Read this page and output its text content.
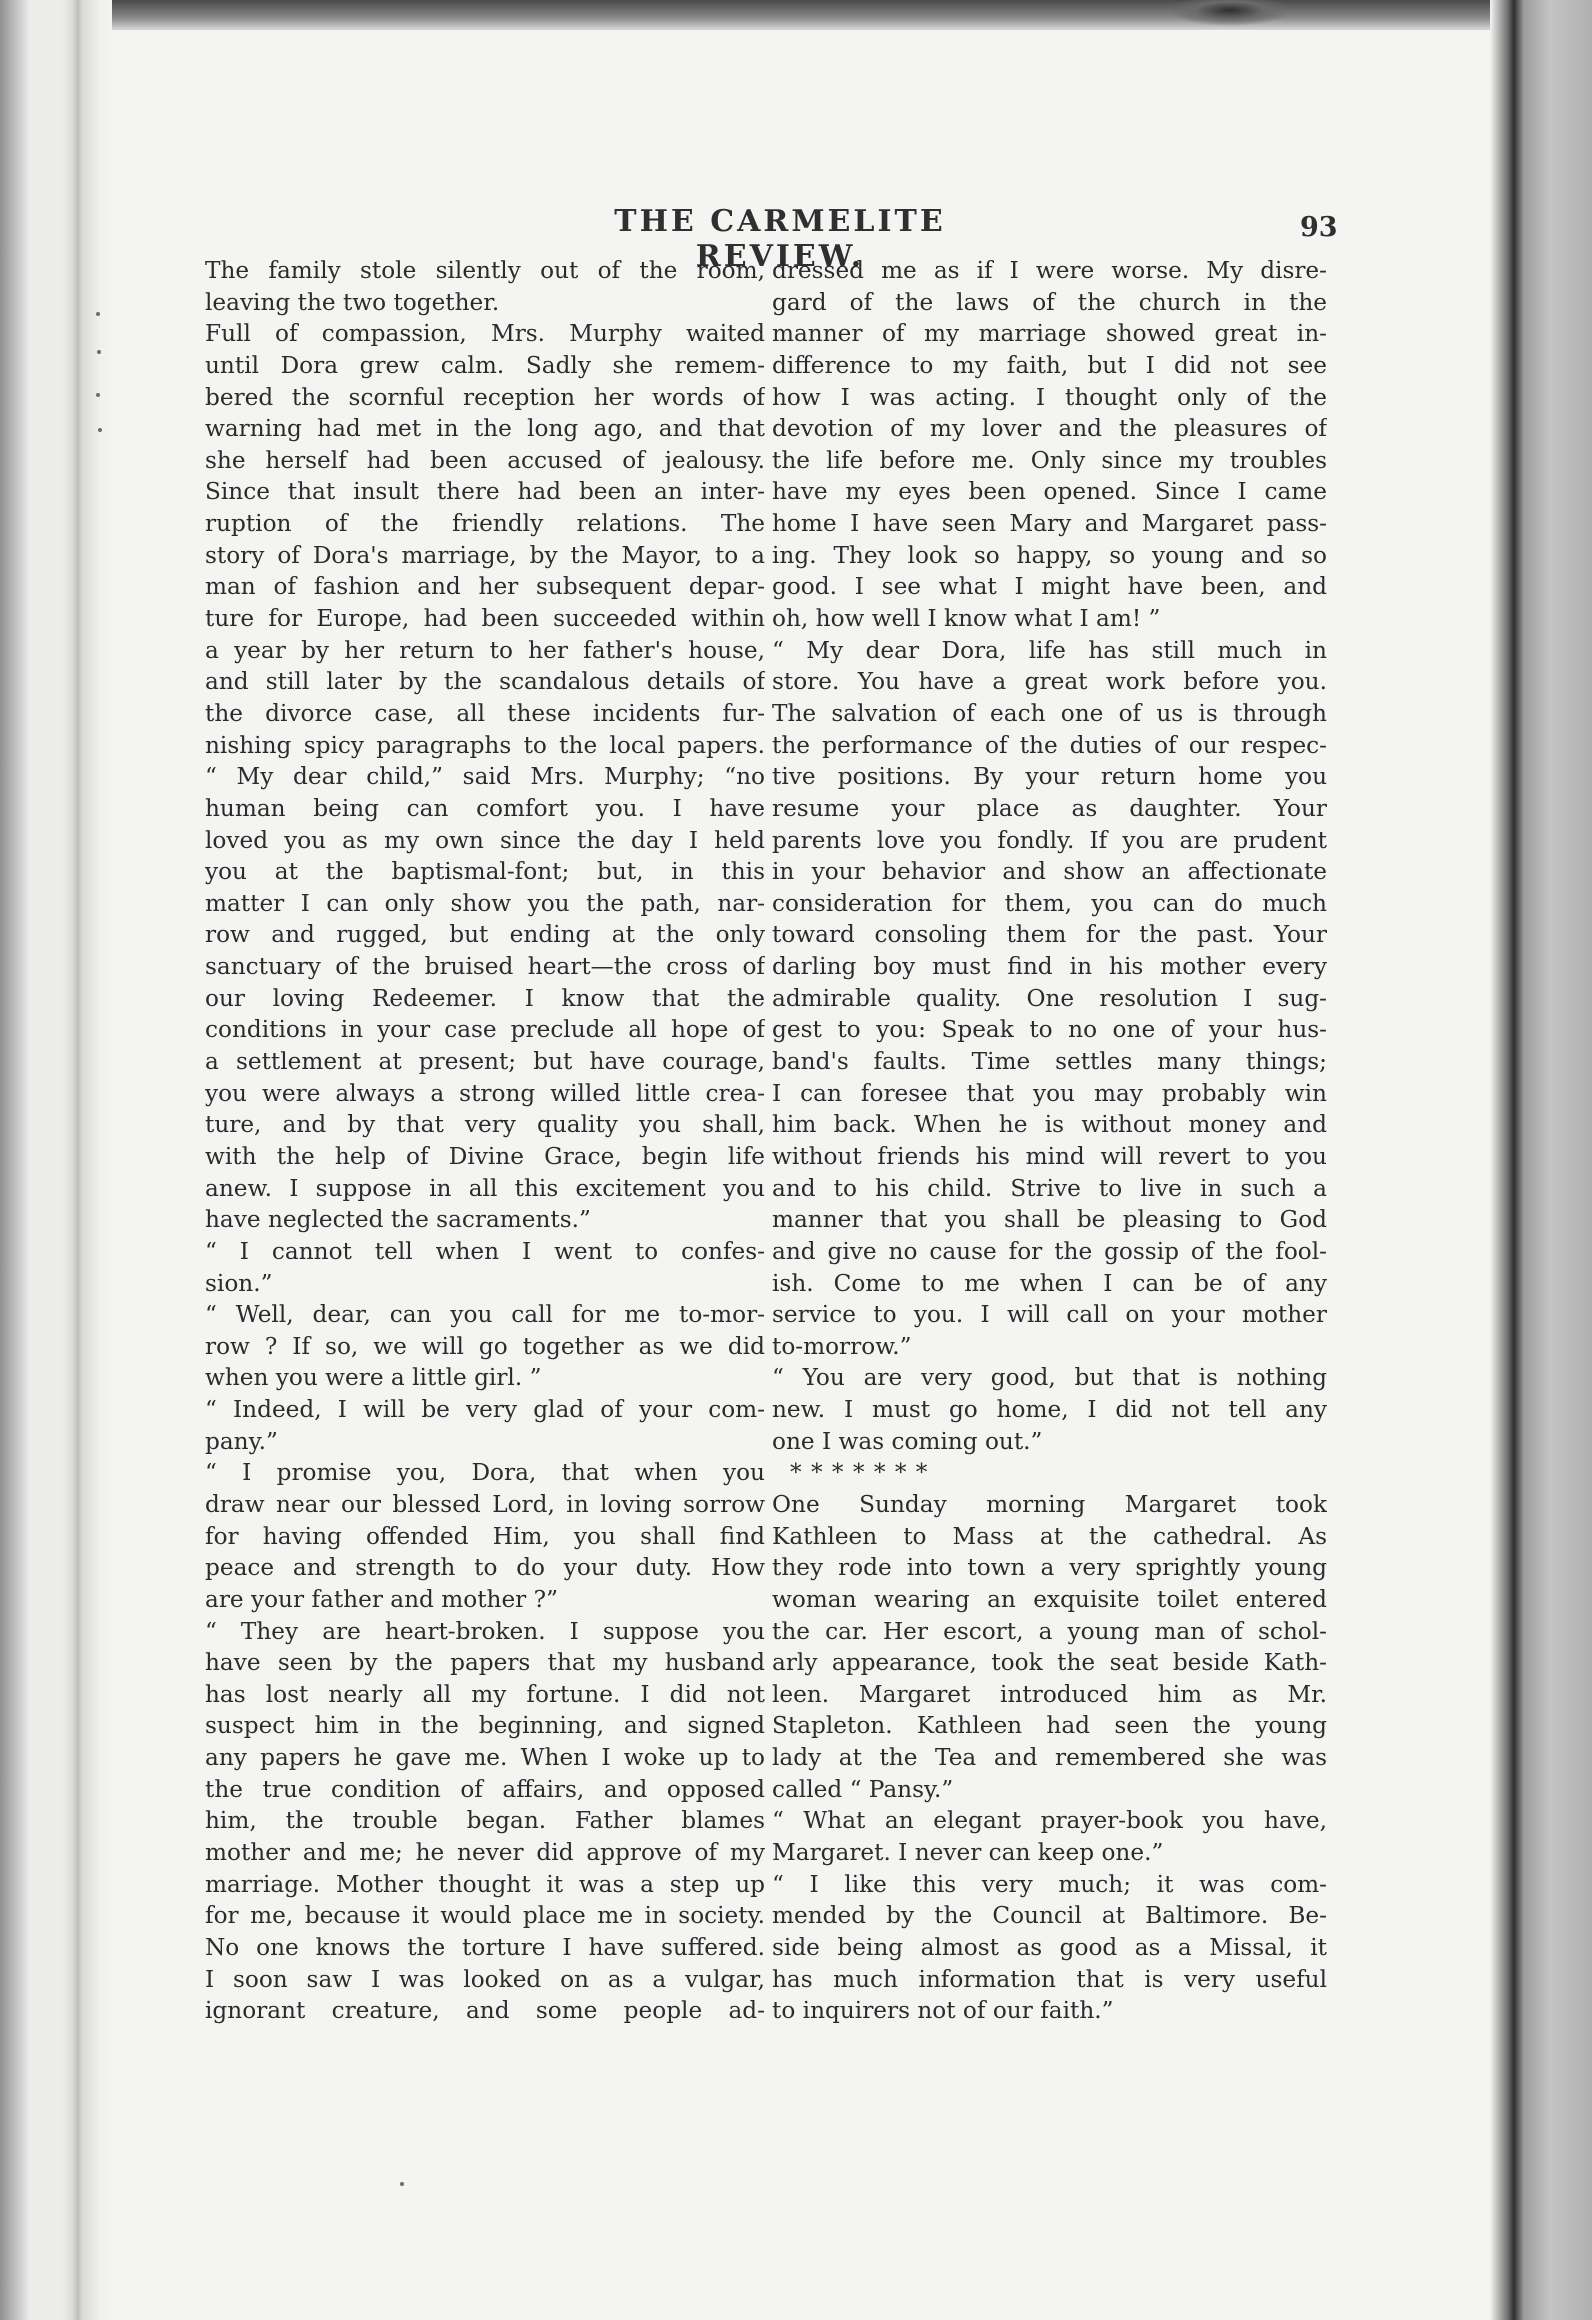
THE CARMELITE REVIEW.
93
The family stole silently out of the room,
leaving the two together.
Full of compassion, Mrs. Murphy waited
until Dora grew calm. Sadly she remem-
bered the scornful reception her words of
warning had met in the long ago, and that
she herself had been accused of jealousy.
Since that insult there had been an inter-
ruption of the friendly relations. The
story of Dora's marriage, by the Mayor, to a
man of fashion and her subsequent depar-
ture for Europe, had been succeeded within
a year by her return to her father's house,
and still later by the scandalous details of
the divorce case, all these incidents fur-
nishing spicy paragraphs to the local papers.
“ My dear child,” said Mrs. Murphy; “no
human being can comfort you. I have
loved you as my own since the day I held
you at the baptismal-font; but, in this
matter I can only show you the path, nar-
row and rugged, but ending at the only
sanctuary of the bruised heart—the cross of
our loving Redeemer. I know that the
conditions in your case preclude all hope of
a settlement at present; but have courage,
you were always a strong willed little crea-
ture, and by that very quality you shall,
with the help of Divine Grace, begin life
anew. I suppose in all this excitement you
have neglected the sacraments.”
“ I cannot tell when I went to confes-
sion.”
“ Well, dear, can you call for me to-mor-
row ? If so, we will go together as we did
when you were a little girl. ”
“ Indeed, I will be very glad of your com-
pany.”
“ I promise you, Dora, that when you
draw near our blessed Lord, in loving sorrow
for having offended Him, you shall find
peace and strength to do your duty. How
are your father and mother ?”
“ They are heart-broken. I suppose you
have seen by the papers that my husband
has lost nearly all my fortune. I did not
suspect him in the beginning, and signed
any papers he gave me. When I woke up to
the true condition of affairs, and opposed
him, the trouble began. Father blames
mother and me; he never did approve of my
marriage. Mother thought it was a step up
for me, because it would place me in society.
No one knows the torture I have suffered.
I soon saw I was looked on as a vulgar,
ignorant creature, and some people ad-
dressed me as if I were worse. My disre-
gard of the laws of the church in the
manner of my marriage showed great in-
difference to my faith, but I did not see
how I was acting. I thought only of the
devotion of my lover and the pleasures of
the life before me. Only since my troubles
have my eyes been opened. Since I came
home I have seen Mary and Margaret pass-
ing. They look so happy, so young and so
good. I see what I might have been, and
oh, how well I know what I am! ”
“ My dear Dora, life has still much in
store. You have a great work before you.
The salvation of each one of us is through
the performance of the duties of our respec-
tive positions. By your return home you
resume your place as daughter. Your
parents love you fondly. If you are prudent
in your behavior and show an affectionate
consideration for them, you can do much
toward consoling them for the past. Your
darling boy must find in his mother every
admirable quality. One resolution I sug-
gest to you: Speak to no one of your hus-
band's faults. Time settles many things;
I can foresee that you may probably win
him back. When he is without money and
without friends his mind will revert to you
and to his child. Strive to live in such a
manner that you shall be pleasing to God
and give no cause for the gossip of the fool-
ish. Come to me when I can be of any
service to you. I will call on your mother
to-morrow.”
“ You are very good, but that is nothing
new. I must go home, I did not tell any
one I was coming out.”
* * * * * * *
One Sunday morning Margaret took
Kathleen to Mass at the cathedral. As
they rode into town a very sprightly young
woman wearing an exquisite toilet entered
the car. Her escort, a young man of schol-
arly appearance, took the seat beside Kath-
leen. Margaret introduced him as Mr.
Stapleton. Kathleen had seen the young
lady at the Tea and remembered she was
called “ Pansy.”
“ What an elegant prayer-book you have,
Margaret. I never can keep one.”
“ I like this very much; it was com-
mended by the Council at Baltimore. Be-
side being almost as good as a Missal, it
has much information that is very useful
to inquirers not of our faith.”
